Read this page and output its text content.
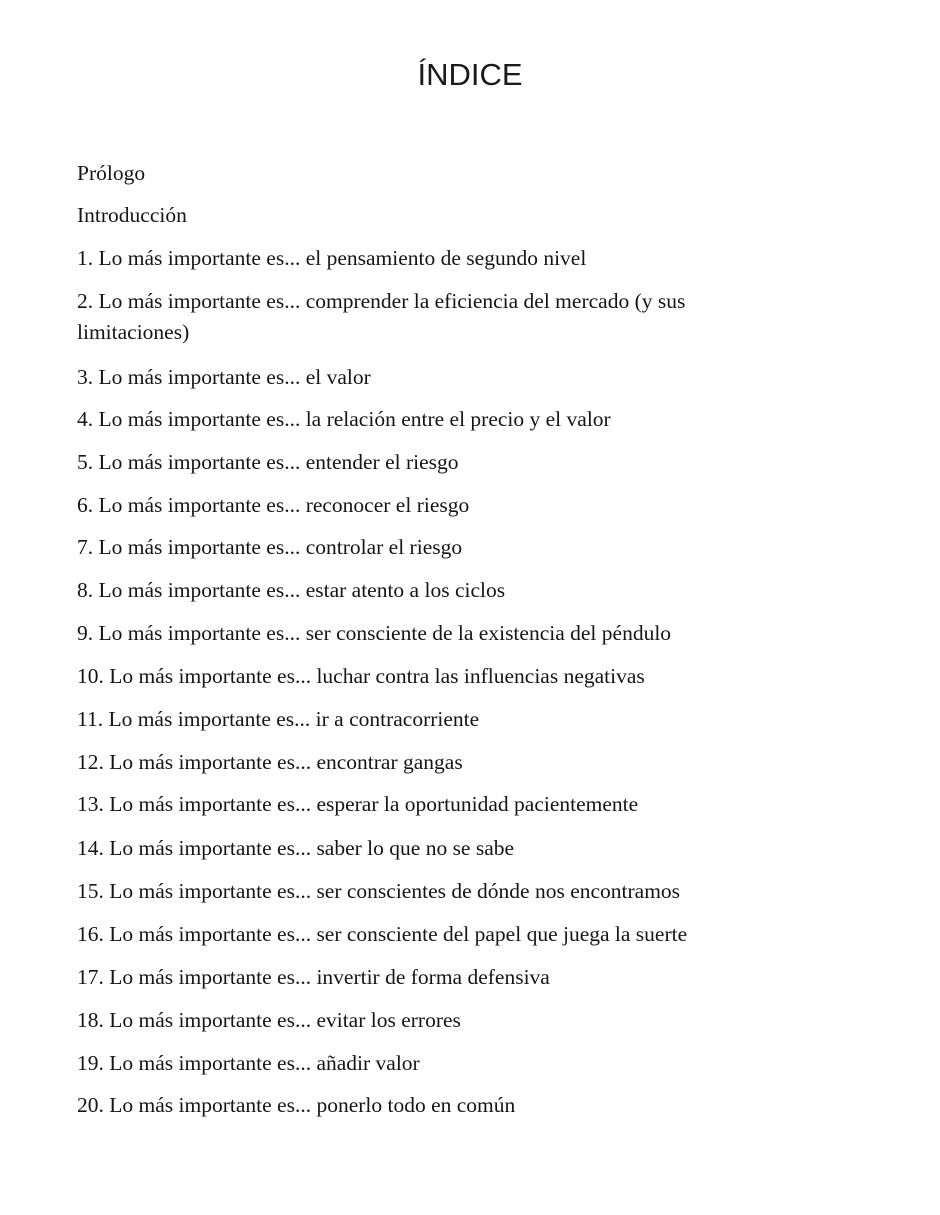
ÍNDICE
Prólogo
Introducción
1. Lo más importante es... el pensamiento de segundo nivel
2. Lo más importante es... comprender la eficiencia del mercado (y sus limitaciones)
3. Lo más importante es... el valor
4. Lo más importante es... la relación entre el precio y el valor
5. Lo más importante es... entender el riesgo
6. Lo más importante es... reconocer el riesgo
7. Lo más importante es... controlar el riesgo
8. Lo más importante es... estar atento a los ciclos
9. Lo más importante es... ser consciente de la existencia del péndulo
10. Lo más importante es... luchar contra las influencias negativas
11. Lo más importante es... ir a contracorriente
12. Lo más importante es... encontrar gangas
13. Lo más importante es... esperar la oportunidad pacientemente
14. Lo más importante es... saber lo que no se sabe
15. Lo más importante es... ser conscientes de dónde nos encontramos
16. Lo más importante es... ser consciente del papel que juega la suerte
17. Lo más importante es... invertir de forma defensiva
18. Lo más importante es... evitar los errores
19. Lo más importante es... añadir valor
20. Lo más importante es... ponerlo todo en común
